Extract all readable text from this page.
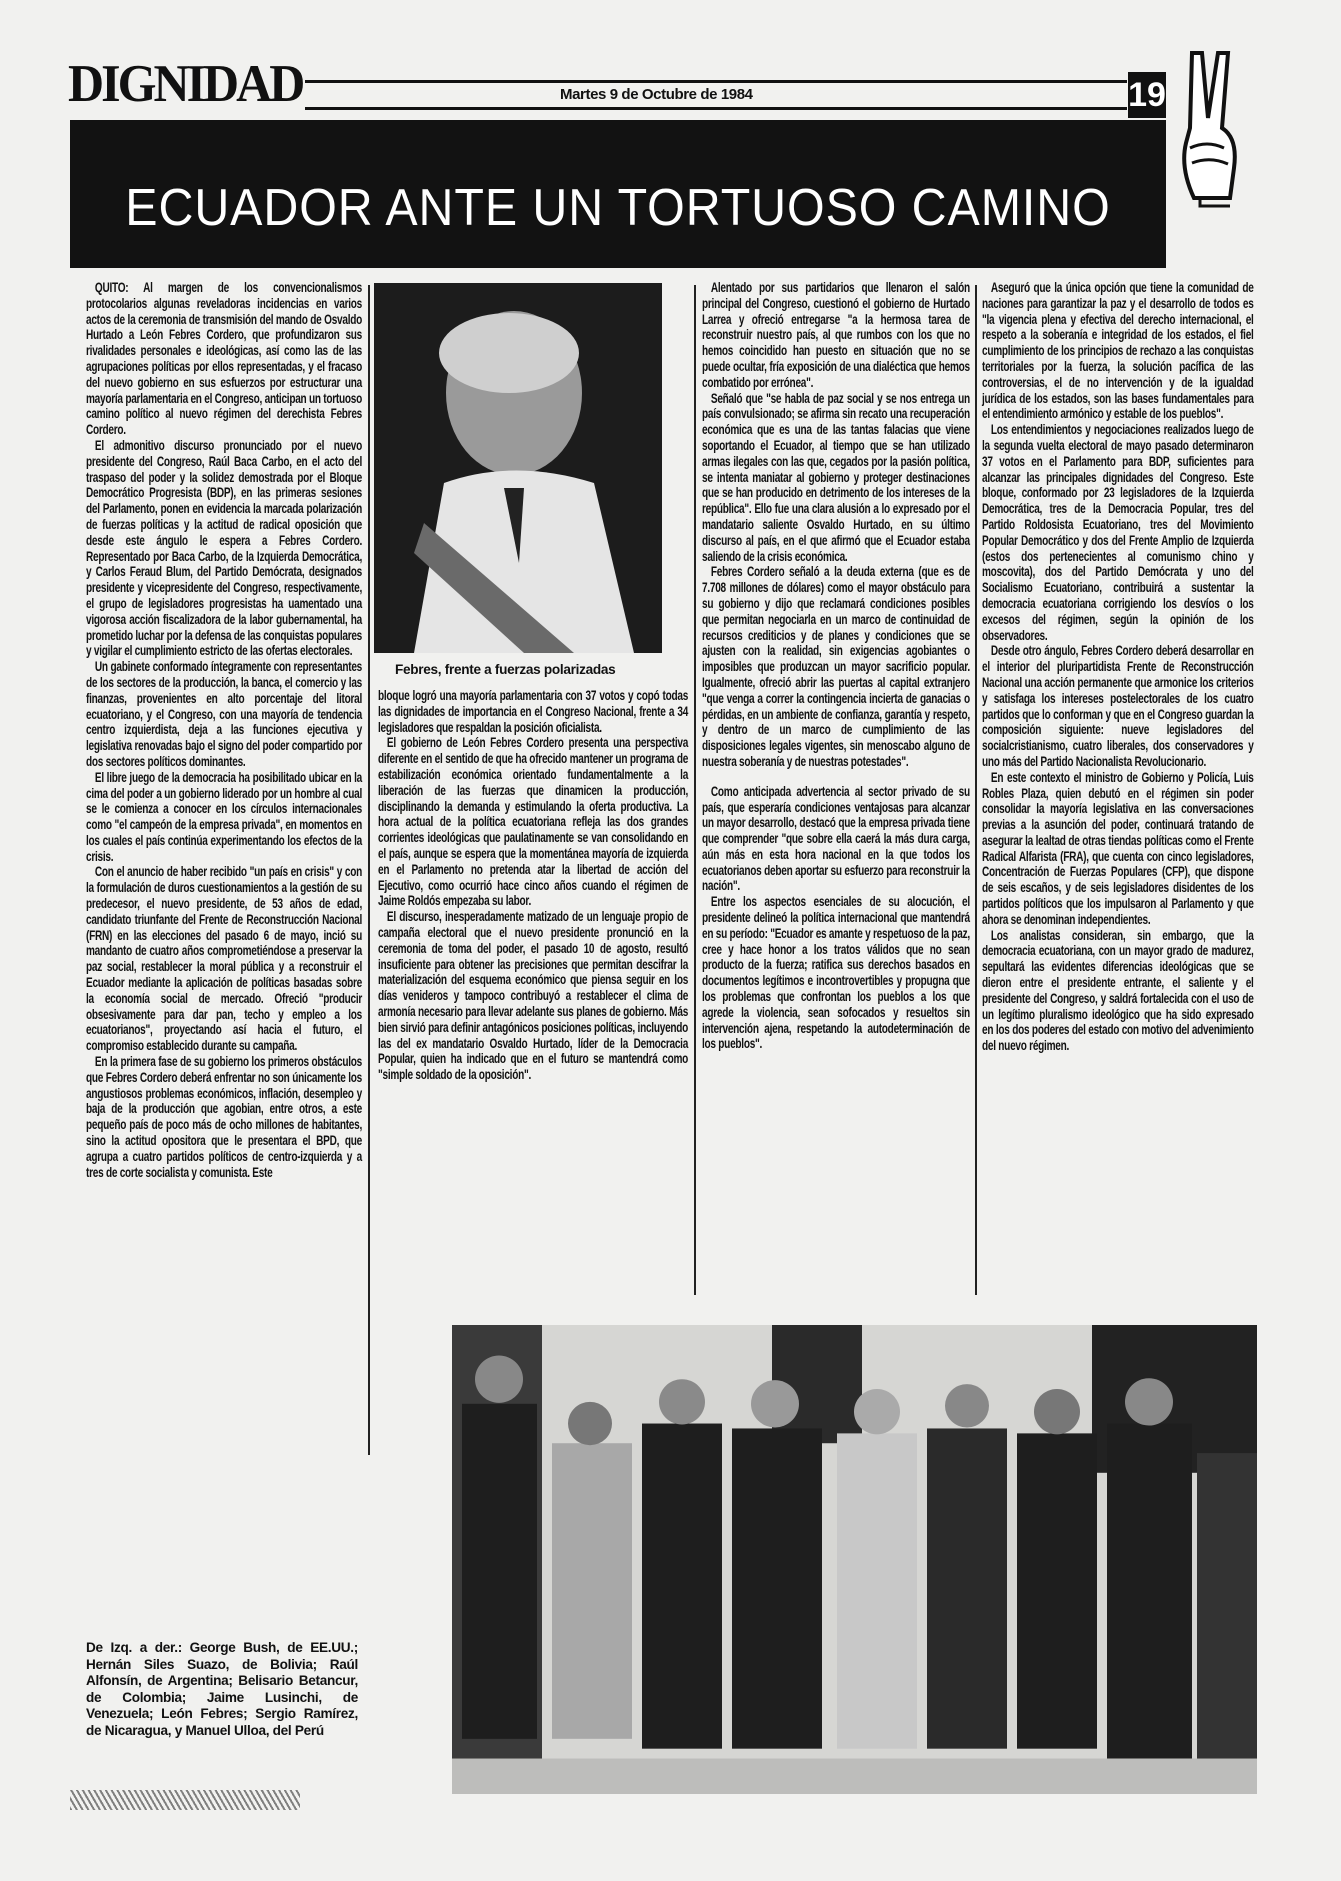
DIGNIDAD	Martes 9 de Octubre de 1984	19
ECUADOR ANTE UN TORTUOSO CAMINO

QUITO: Al margen de los convencionalismos protocolarios algunas reveladoras incidencias en varios actos de la ceremonia de transmisión del mando de Osvaldo Hurtado a León Febres Cordero, que profundizaron sus rivalidades personales e ideológicas, así como las de las agrupaciones políticas por ellos representadas, y el fracaso del nuevo gobierno en sus esfuerzos por estructurar una mayoría parlamentaria en el Congreso, anticipan un tortuoso camino político al nuevo régimen del derechista Febres Cordero.

El admonitivo discurso pronunciado por el nuevo presidente del Congreso, Raúl Baca Carbo, en el acto del traspaso del poder y la solidez demostrada por el Bloque Democrático Progresista (BDP), en las primeras sesiones del Parlamento, ponen en evidencia la marcada polarización de fuerzas políticas y la actitud de radical oposición que desde este ángulo le espera a Febres Cordero. Representado por Baca Carbo, de la Izquierda Democrática, y Carlos Feraud Blum, del Partido Demócrata, designados presidente y vicepresidente del Congreso, respectivamente, el grupo de legisladores progresistas ha uamentado una vigorosa acción fiscalizadora de la labor gubernamental, ha prometido luchar por la defensa de las conquistas populares y vigilar el cumplimiento estricto de las ofertas electorales.

Un gabinete conformado íntegramente con representantes de los sectores de la producción, la banca, el comercio y las finanzas, provenientes en alto porcentaje del litoral ecuatoriano, y el Congreso, con una mayoría de tendencia centro izquierdista, deja a las funciones ejecutiva y legislativa renovadas bajo el signo del poder compartido por dos sectores políticos dominantes.

El libre juego de la democracia ha posibilitado ubicar en la cima del poder a un gobierno liderado por un hombre al cual se le comienza a conocer en los círculos internacionales como "el campeón de la empresa privada", en momentos en los cuales el país continúa experimentando los efectos de la crisis.

Con el anuncio de haber recibido "un país en crisis" y con la formulación de duros cuestionamientos a la gestión de su predecesor, el nuevo presidente, de 53 años de edad, candidato triunfante del Frente de Reconstrucción Nacional (FRN) en las elecciones del pasado 6 de mayo, inció su mandanto de cuatro años comprometiéndose a preservar la paz social, restablecer la moral pública y a reconstruir el Ecuador mediante la aplicación de políticas basadas sobre la economía social de mercado. Ofreció "producir obsesivamente para dar pan, techo y empleo a los ecuatorianos", proyectando así hacia el futuro, el compromiso establecido durante su campaña.

En la primera fase de su gobierno los primeros obstáculos que Febres Cordero deberá enfrentar no son únicamente los angustiosos problemas económicos, inflación, desempleo y baja de la producción que agobian, entre otros, a este pequeño país de poco más de ocho millones de habitantes, sino la actitud opositora que le presentara el BPD, que agrupa a cuatro partidos políticos de centro-izquierda y a tres de corte socialista y comunista. Este

Febres, frente a fuerzas polarizadas

bloque logró una mayoría parlamentaria con 37 votos y copó todas las dignidades de importancia en el Congreso Nacional, frente a 34 legisladores que respaldan la posición oficialista.

El gobierno de León Febres Cordero presenta una perspectiva diferente en el sentido de que ha ofrecido mantener un programa de estabilización económica orientado fundamentalmente a la liberación de las fuerzas que dinamicen la producción, disciplinando la demanda y estimulando la oferta productiva. La hora actual de la política ecuatoriana refleja las dos grandes corrientes ideológicas que paulatinamente se van consolidando en el país, aunque se espera que la momentánea mayoría de izquierda en el Parlamento no pretenda atar la libertad de acción del Ejecutivo, como ocurrió hace cinco años cuando el régimen de Jaime Roldós empezaba su labor.

El discurso, inesperadamente matizado de un lenguaje propio de campaña electoral que el nuevo presidente pronunció en la ceremonia de toma del poder, el pasado 10 de agosto, resultó insuficiente para obtener las precisiones que permitan descifrar la materialización del esquema económico que piensa seguir en los días venideros y tampoco contribuyó a restablecer el clima de armonía necesario para llevar adelante sus planes de gobierno. Más bien sirvió para definir antagónicos posiciones políticas, incluyendo las del ex mandatario Osvaldo Hurtado, líder de la Democracia Popular, quien ha indicado que en el futuro se mantendrá como "simple soldado de la oposición".

Alentado por sus partidarios que llenaron el salón principal del Congreso, cuestionó el gobierno de Hurtado Larrea y ofreció entregarse "a la hermosa tarea de reconstruir nuestro país, al que rumbos con los que no hemos coincidido han puesto en situación que no se puede ocultar, fría exposición de una dialéctica que hemos combatido por errónea".

Señaló que "se habla de paz social y se nos entrega un país convulsionado; se afirma sin recato una recuperación económica que es una de las tantas falacias que viene soportando el Ecuador, al tiempo que se han utilizado armas ilegales con las que, cegados por la pasión política, se intenta maniatar al gobierno y proteger destinaciones que se han producido en detrimento de los intereses de la república". Ello fue una clara alusión a lo expresado por el mandatario saliente Osvaldo Hurtado, en su último discurso al país, en el que afirmó que el Ecuador estaba saliendo de la crisis económica.

Febres Cordero señaló a la deuda externa (que es de 7.708 millones de dólares) como el mayor obstáculo para su gobierno y dijo que reclamará condiciones posibles que permitan negociarla en un marco de continuidad de recursos crediticios y de planes y condiciones que se ajusten con la realidad, sin exigencias agobiantes o imposibles que produzcan un mayor sacrificio popular. Igualmente, ofreció abrir las puertas al capital extranjero "que venga a correr la contingencia incierta de ganacias o pérdidas, en un ambiente de confianza, garantía y respeto, y dentro de un marco de cumplimiento de las disposiciones legales vigentes, sin menoscabo alguno de nuestra soberanía y de nuestras potestades".

Como anticipada advertencia al sector privado de su país, que esperaría condiciones ventajosas para alcanzar un mayor desarrollo, destacó que la empresa privada tiene que comprender "que sobre ella caerá la más dura carga, aún más en esta hora nacional en la que todos los ecuatorianos deben aportar su esfuerzo para reconstruir la nación".

Entre los aspectos esenciales de su alocución, el presidente delineó la política internacional que mantendrá en su período: "Ecuador es amante y respetuoso de la paz, cree y hace honor a los tratos válidos que no sean producto de la fuerza; ratifica sus derechos basados en documentos legítimos e incontrovertibles y propugna que los problemas que confrontan los pueblos a los que agrede la violencia, sean sofocados y resueltos sin intervención ajena, respetando la autodeterminación de los pueblos".

Aseguró que la única opción que tiene la comunidad de naciones para garantizar la paz y el desarrollo de todos es "la vigencia plena y efectiva del derecho internacional, el respeto a la soberanía e integridad de los estados, el fiel cumplimiento de los principios de rechazo a las conquistas territoriales por la fuerza, la solución pacífica de las controversias, el de no intervención y de la igualdad jurídica de los estados, son las bases fundamentales para el entendimiento armónico y estable de los pueblos".

Los entendimientos y negociaciones realizados luego de la segunda vuelta electoral de mayo pasado determinaron 37 votos en el Parlamento para BDP, suficientes para alcanzar las principales dignidades del Congreso. Este bloque, conformado por 23 legisladores de la Izquierda Democrática, tres de la Democracia Popular, tres del Partido Roldosista Ecuatoriano, tres del Movimiento Popular Democrático y dos del Frente Amplio de Izquierda (estos dos pertenecientes al comunismo chino y moscovita), dos del Partido Demócrata y uno del Socialismo Ecuatoriano, contribuirá a sustentar la democracia ecuatoriana corrigiendo los desvíos o los excesos del régimen, según la opinión de los observadores.

Desde otro ángulo, Febres Cordero deberá desarrollar en el interior del pluripartidista Frente de Reconstrucción Nacional una acción permanente que armonice los criterios y satisfaga los intereses postelectorales de los cuatro partidos que lo conforman y que en el Congreso guardan la composición siguiente: nueve legisladores del socialcristianismo, cuatro liberales, dos conservadores y uno más del Partido Nacionalista Revolucionario.

En este contexto el ministro de Gobierno y Policía, Luis Robles Plaza, quien debutó en el régimen sin poder consolidar la mayoría legislativa en las conversaciones previas a la asunción del poder, continuará tratando de asegurar la lealtad de otras tiendas políticas como el Frente Radical Alfarista (FRA), que cuenta con cinco legisladores, Concentración de Fuerzas Populares (CFP), que dispone de seis escaños, y de seis legisladores disidentes de los partidos políticos que los impulsaron al Parlamento y que ahora se denominan independientes.

Los analistas consideran, sin embargo, que la democracia ecuatoriana, con un mayor grado de madurez, sepultará las evidentes diferencias ideológicas que se dieron entre el presidente entrante, el saliente y el presidente del Congreso, y saldrá fortalecida con el uso de un legítimo pluralismo ideológico que ha sido expresado en los dos poderes del estado con motivo del advenimiento del nuevo régimen.

De Izq. a der.: George Bush, de EE.UU.; Hernán Siles Suazo, de Bolivia; Raúl Alfonsín, de Argentina; Belisario Betancur, de Colombia; Jaime Lusinchi, de Venezuela; León Febres; Sergio Ramírez, de Nicaragua, y Manuel Ulloa, del Perú
